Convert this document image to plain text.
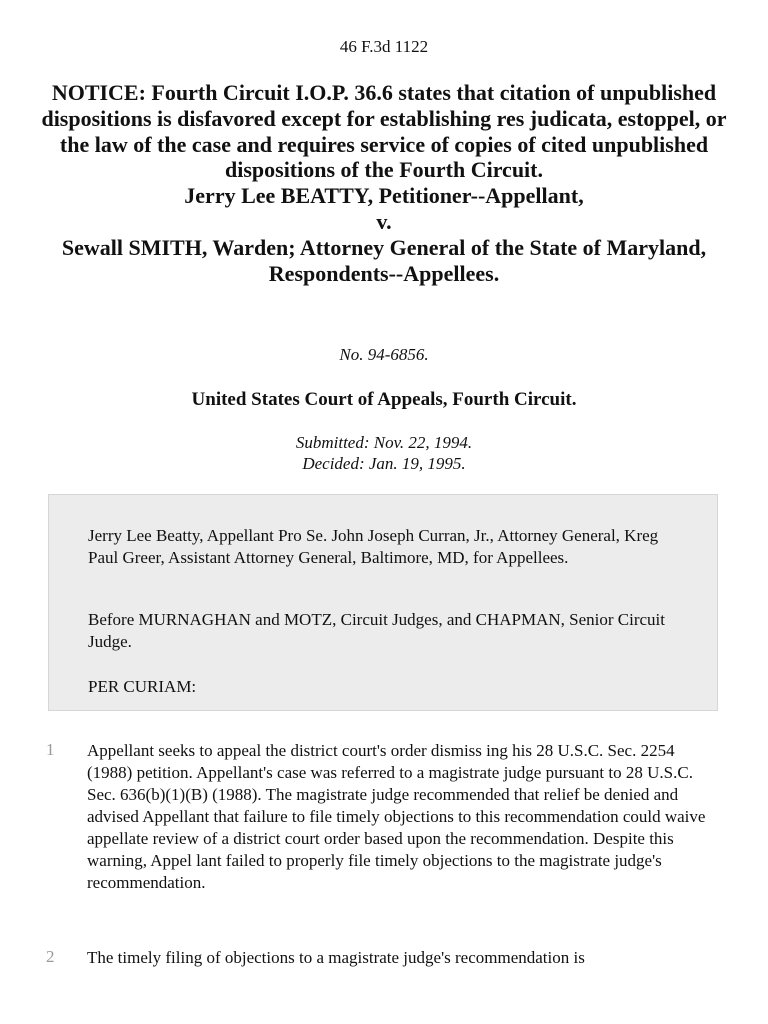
46 F.3d 1122
NOTICE: Fourth Circuit I.O.P. 36.6 states that citation of unpublished dispositions is disfavored except for establishing res judicata, estoppel, or the law of the case and requires service of copies of cited unpublished dispositions of the Fourth Circuit.
Jerry Lee BEATTY, Petitioner--Appellant,
v.
Sewall SMITH, Warden; Attorney General of the State of Maryland, Respondents--Appellees.
No. 94-6856.
United States Court of Appeals, Fourth Circuit.
Submitted: Nov. 22, 1994.
Decided: Jan. 19, 1995.

Jerry Lee Beatty, Appellant Pro Se. John Joseph Curran, Jr., Attorney General, Kreg Paul Greer, Assistant Attorney General, Baltimore, MD, for Appellees.

Before MURNAGHAN and MOTZ, Circuit Judges, and CHAPMAN, Senior Circuit Judge.

PER CURIAM:

1 Appellant seeks to appeal the district court's order dismiss ing his 28 U.S.C. Sec. 2254 (1988) petition. Appellant's case was referred to a magistrate judge pursuant to 28 U.S.C. Sec. 636(b)(1)(B) (1988). The magistrate judge recommended that relief be denied and advised Appellant that failure to file timely objections to this recommendation could waive appellate review of a district court order based upon the recommendation. Despite this warning, Appel lant failed to properly file timely objections to the magistrate judge's recommendation.

2 The timely filing of objections to a magistrate judge's recommendation is
